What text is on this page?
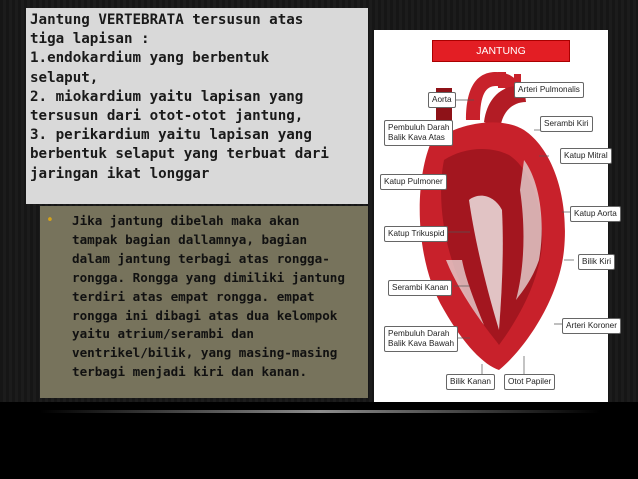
Jantung VERTEBRATA tersusun atas

tiga lapisan :

1.endokardium yang berbentuk

selaput,

2. miokardium yaitu lapisan yang

tersusun dari otot-otot jantung,

3. perikardium yaitu lapisan yang

berbentuk selaput yang terbuat dari

jaringan ikat longgar

•	Jika jantung dibelah maka akan

tampak bagian dallamnya, bagian

dalam jantung terbagi atas rongga-

rongga. Rongga yang dimiliki jantung

terdiri atas empat rongga. empat

rongga ini dibagi atas dua kelompok

yaitu atrium/serambi dan

ventrikel/bilik, yang masing-masing

terbagi menjadi kiri dan kanan.

JANTUNG
Aorta
Arteri Pulmonalis
Pembuluh Darah
Balik Kava Atas
Serambi Kiri
Katup Mitral
Katup Pulmoner
Katup Aorta
Katup Trikuspid
Bilik Kiri
Serambi Kanan
Arteri Koroner
Pembuluh Darah
Balik Kava Bawah
Bilik Kanan	Otot Papiler
